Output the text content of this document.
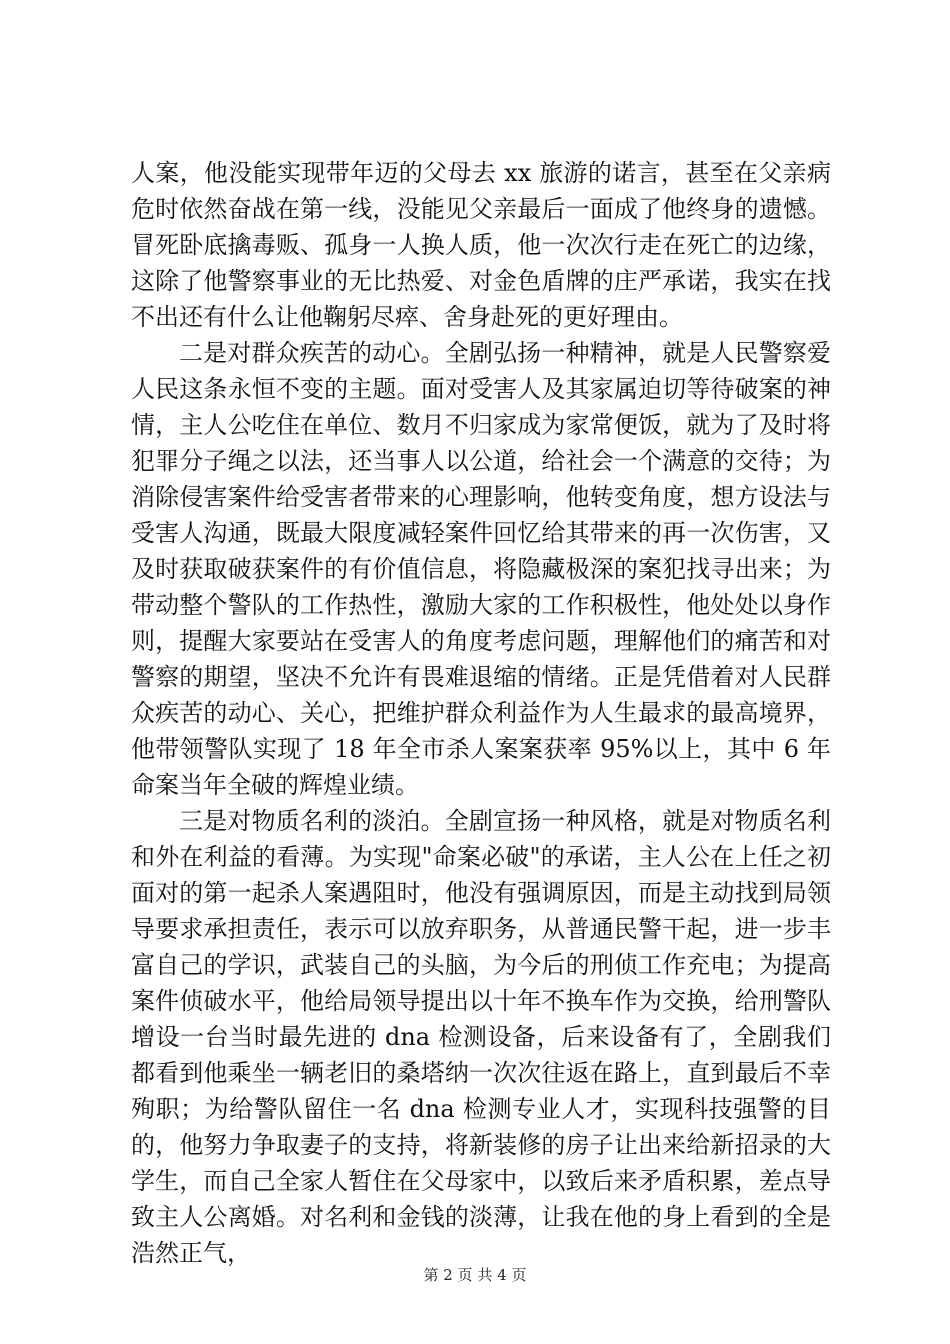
人案，他没能实现带年迈的父母去 xx 旅游的诺言，甚至在父亲病危时依然奋战在第一线，没能见父亲最后一面成了他终身的遗憾。冒死卧底擒毒贩、孤身一人换人质，他一次次行走在死亡的边缘，这除了他警察事业的无比热爱、对金色盾牌的庄严承诺，我实在找不出还有什么让他鞠躬尽瘁、舍身赴死的更好理由。

二是对群众疾苦的动心。全剧弘扬一种精神，就是人民警察爱人民这条永恒不变的主题。面对受害人及其家属迫切等待破案的神情，主人公吃住在单位、数月不归家成为家常便饭，就为了及时将犯罪分子绳之以法，还当事人以公道，给社会一个满意的交待；为消除侵害案件给受害者带来的心理影响，他转变角度，想方设法与受害人沟通，既最大限度减轻案件回忆给其带来的再一次伤害，又及时获取破获案件的有价值信息，将隐藏极深的案犯找寻出来；为带动整个警队的工作热性，激励大家的工作积极性，他处处以身作则，提醒大家要站在受害人的角度考虑问题，理解他们的痛苦和对警察的期望，坚决不允许有畏难退缩的情绪。正是凭借着对人民群众疾苦的动心、关心，把维护群众利益作为人生最求的最高境界，他带领警队实现了 18 年全市杀人案案获率 95%以上，其中 6 年命案当年全破的辉煌业绩。

三是对物质名利的淡泊。全剧宣扬一种风格，就是对物质名利和外在利益的看薄。为实现"命案必破"的承诺，主人公在上任之初面对的第一起杀人案遇阻时，他没有强调原因，而是主动找到局领导要求承担责任，表示可以放弃职务，从普通民警干起，进一步丰富自己的学识，武装自己的头脑，为今后的刑侦工作充电；为提高案件侦破水平，他给局领导提出以十年不换车作为交换，给刑警队增设一台当时最先进的 dna 检测设备，后来设备有了，全剧我们都看到他乘坐一辆老旧的桑塔纳一次次往返在路上，直到最后不幸殉职；为给警队留住一名 dna 检测专业人才，实现科技强警的目的，他努力争取妻子的支持，将新装修的房子让出来给新招录的大学生，而自己全家人暂住在父母家中，以致后来矛盾积累，差点导致主人公离婚。对名利和金钱的淡薄，让我在他的身上看到的全是浩然正气，

第 2 页 共 4 页
